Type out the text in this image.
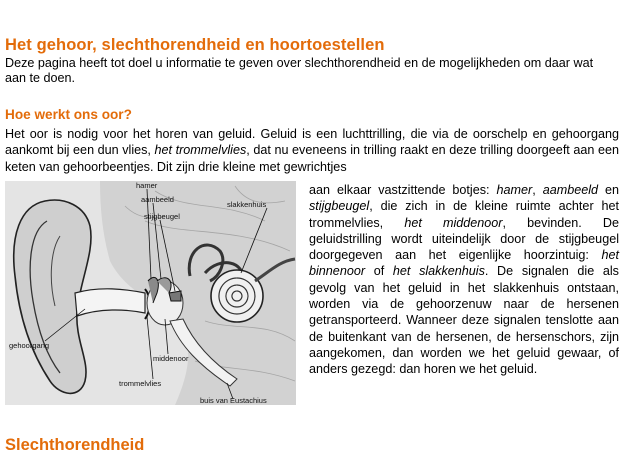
Het gehoor, slechthorendheid en hoortoestellen

Deze pagina heeft tot doel u informatie te geven over slechthorendheid en de mogelijkheden om daar wat aan te doen.

Hoe werkt ons oor?

Het oor is nodig voor het horen van geluid. Geluid is een luchttrilling, die via de oorschelp en gehoorgang aankomt bij een dun vlies, het trommelvlies, dat nu eveneens in trilling raakt en deze trilling doorgeeft aan een keten van gehoorbeentjes. Dit zijn drie kleine met gewrichtjes

hamer
aambeeld
stijgbeugel
slakkenhuis
gehoorgang
middenoor
trommelvlies
buis van Eustachius

aan elkaar vastzittende botjes: hamer, aambeeld en stijgbeugel, die zich in de kleine ruimte achter het trommelvlies, het middenoor, bevinden. De geluidstrilling wordt uiteindelijk door de stijgbeugel doorgegeven aan het eigenlijke hoorzintuig: het binnenoor of het slakkenhuis. De signalen die als gevolg van het geluid in het slakkenhuis ontstaan, worden via de gehoorzenuw naar de hersenen getransporteerd. Wanneer deze signalen tenslotte aan de buitenkant van de hersenen, de hersenschors, zijn aangekomen, dan worden we het geluid gewaar, of anders gezegd: dan horen we het geluid.

Slechthorendheid
